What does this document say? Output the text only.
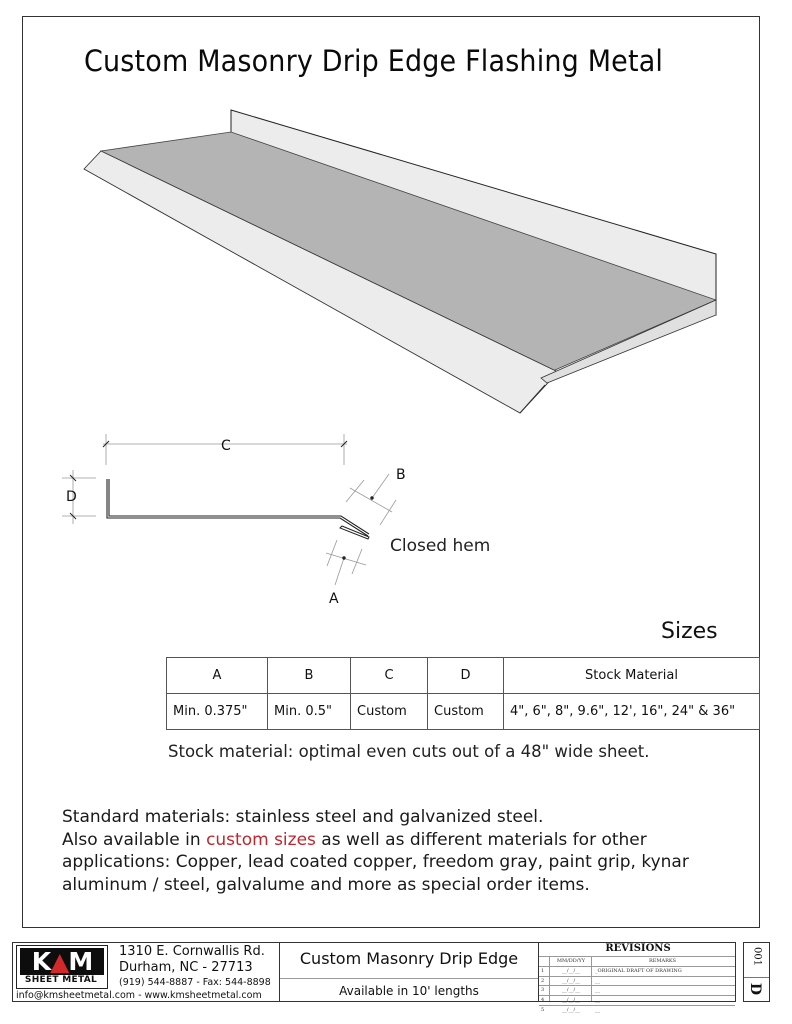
Custom Masonry Drip Edge Flashing Metal
C
D
B
A
Closed hem
Sizes
A	B	C	D	Stock Material
Min. 0.375"	Min. 0.5"	Custom	Custom	4", 6", 8", 9.6", 12', 16", 24" & 36"
Stock material: optimal even cuts out of a 48" wide sheet.
Standard materials: stainless steel and galvanized steel.
Also available in custom sizes as well as different materials for other
applications: Copper, lead coated copper, freedom gray, paint grip, kynar
aluminum / steel, galvalume and more as special order items.
K▲M
SHEET METAL
1310 E. Cornwallis Rd.
Durham, NC - 27713
(919) 544-8887 - Fax: 544-8898
info@kmsheetmetal.com - www.kmsheetmetal.com
Custom Masonry Drip Edge
Available in 10' lengths
REVISIONS
MM/DD/YY	REMARKS
1	__/__/__	_ORIGINAL DRAFT OF DRAWING
2	__/__/__	__
3	__/__/__	__
4	__/__/__	__
5	__/__/__	__
001
D
